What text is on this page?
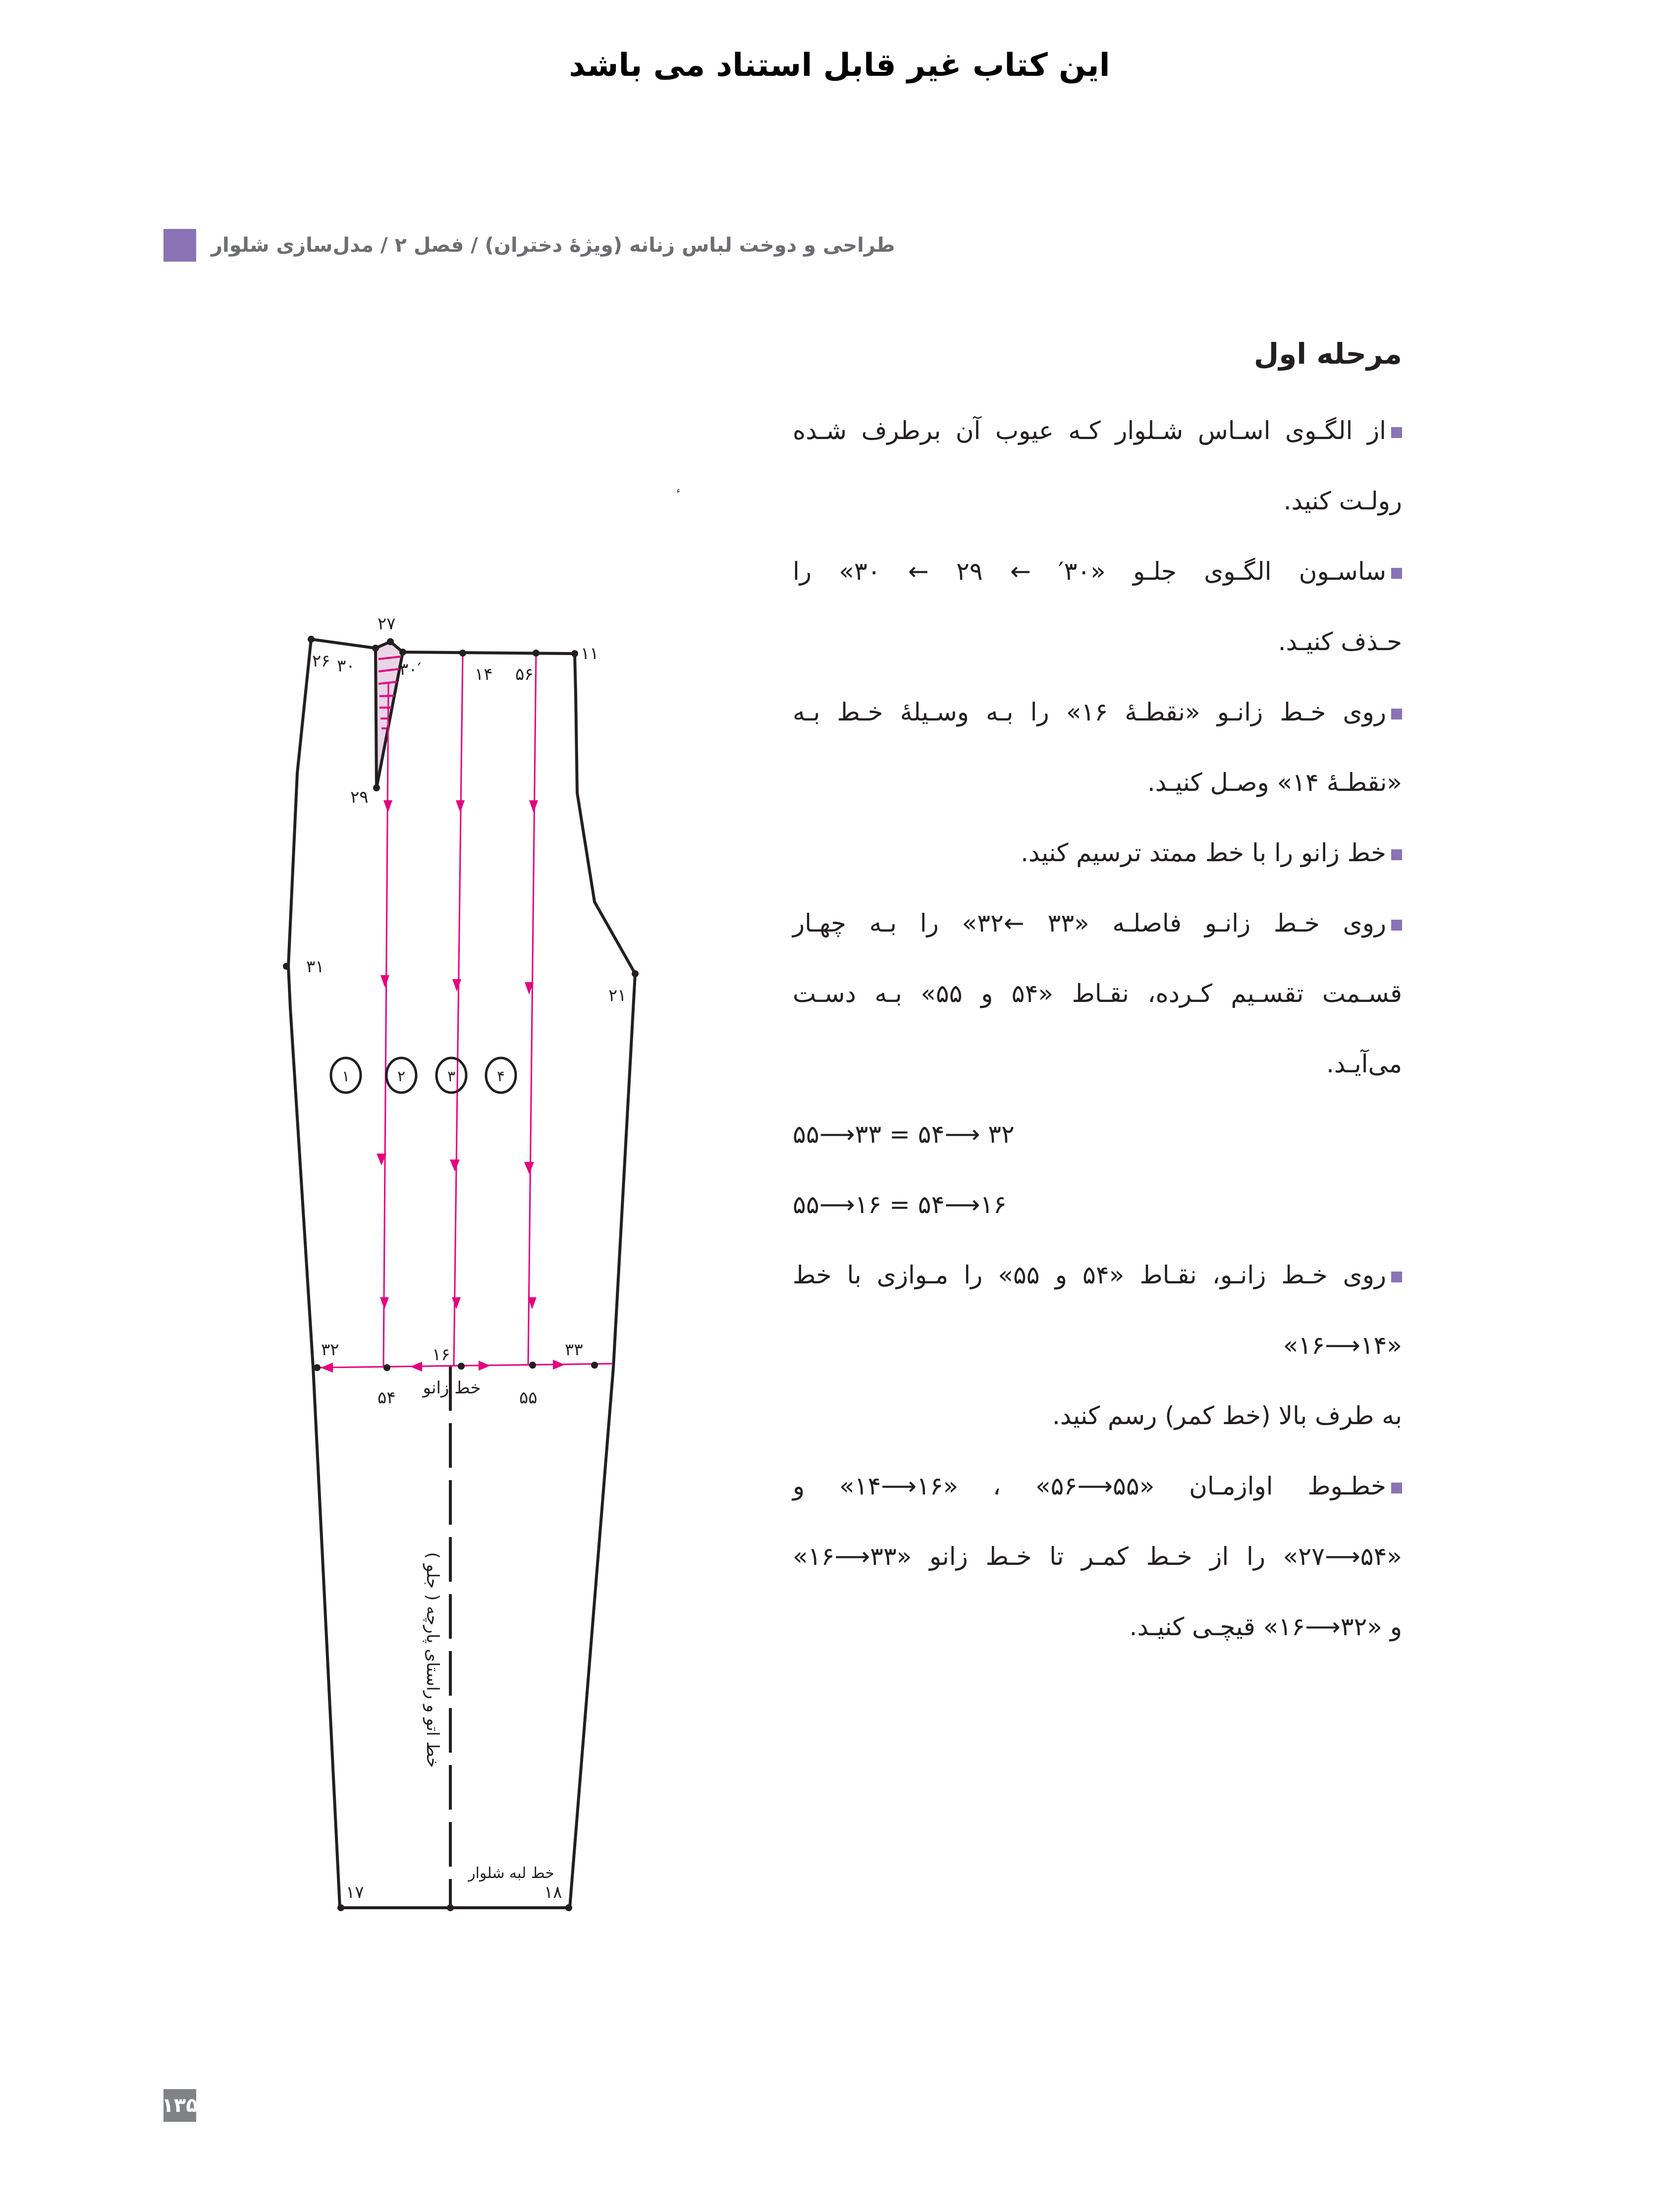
این کتاب غیر قابل استناد می باشد
طراحی و دوخت لباس زنانه (ویژهٔ دختران) / فصل ۲ / مدل‌سازی شلوار
مرحله اول
از الگـوی اسـاس شـلوار کـه عیوب آن برطرف شـده
رولـت کنید.
ساسـون الگـوی جلـو «۳۰′ ← ۲۹ ← ۳۰» را
حـذف کنیـد.
روی خـط زانـو «نقطـهٔ ۱۶» را بـه وسـیلهٔ خـط بـه
«نقطـهٔ ۱۴» وصـل کنیـد.
خط زانو را با خط ممتد ترسیم کنید.
روی خـط زانـو فاصلـه «۳۳ ←۳۲» را بـه چهـار
قسـمت تقسـیم کـرده، نقـاط «۵۴ و ۵۵» بـه دسـت
می‌آیـد.
۵۵⟶۳۳ = ۵۴⟶ ۳۲
۵۵⟶۱۶ = ۵۴⟶۱۶
روی خـط زانـو، نقـاط «۵۴ و ۵۵» را مـوازی با خط
«۱۴⟶۱۶»
به طرف بالا (خط کمر) رسم کنید.
خطـوط اوازمـان «۵۵⟶۵۶» ، «۱۶⟶۱۴» و
«۵۴⟶۲۷» را از خـط کمـر تا خـط زانو «۳۳⟶۱۶»
و «۳۲⟶۱۶» قیچـی کنیـد.
۲۶ ۳۰
۲۷
۳۰′	۱۴ ۵۶
۱۱
۲۹
۳۱
۲۱
۳۲	۱۶	۳۳
۵۴	۵۵
۱۷	۱۸
۱	۲	۳	۴
خط زانو
خط اتو و راستای پارچه ( جلو )
خط لبه شلوار
۱۳۵
